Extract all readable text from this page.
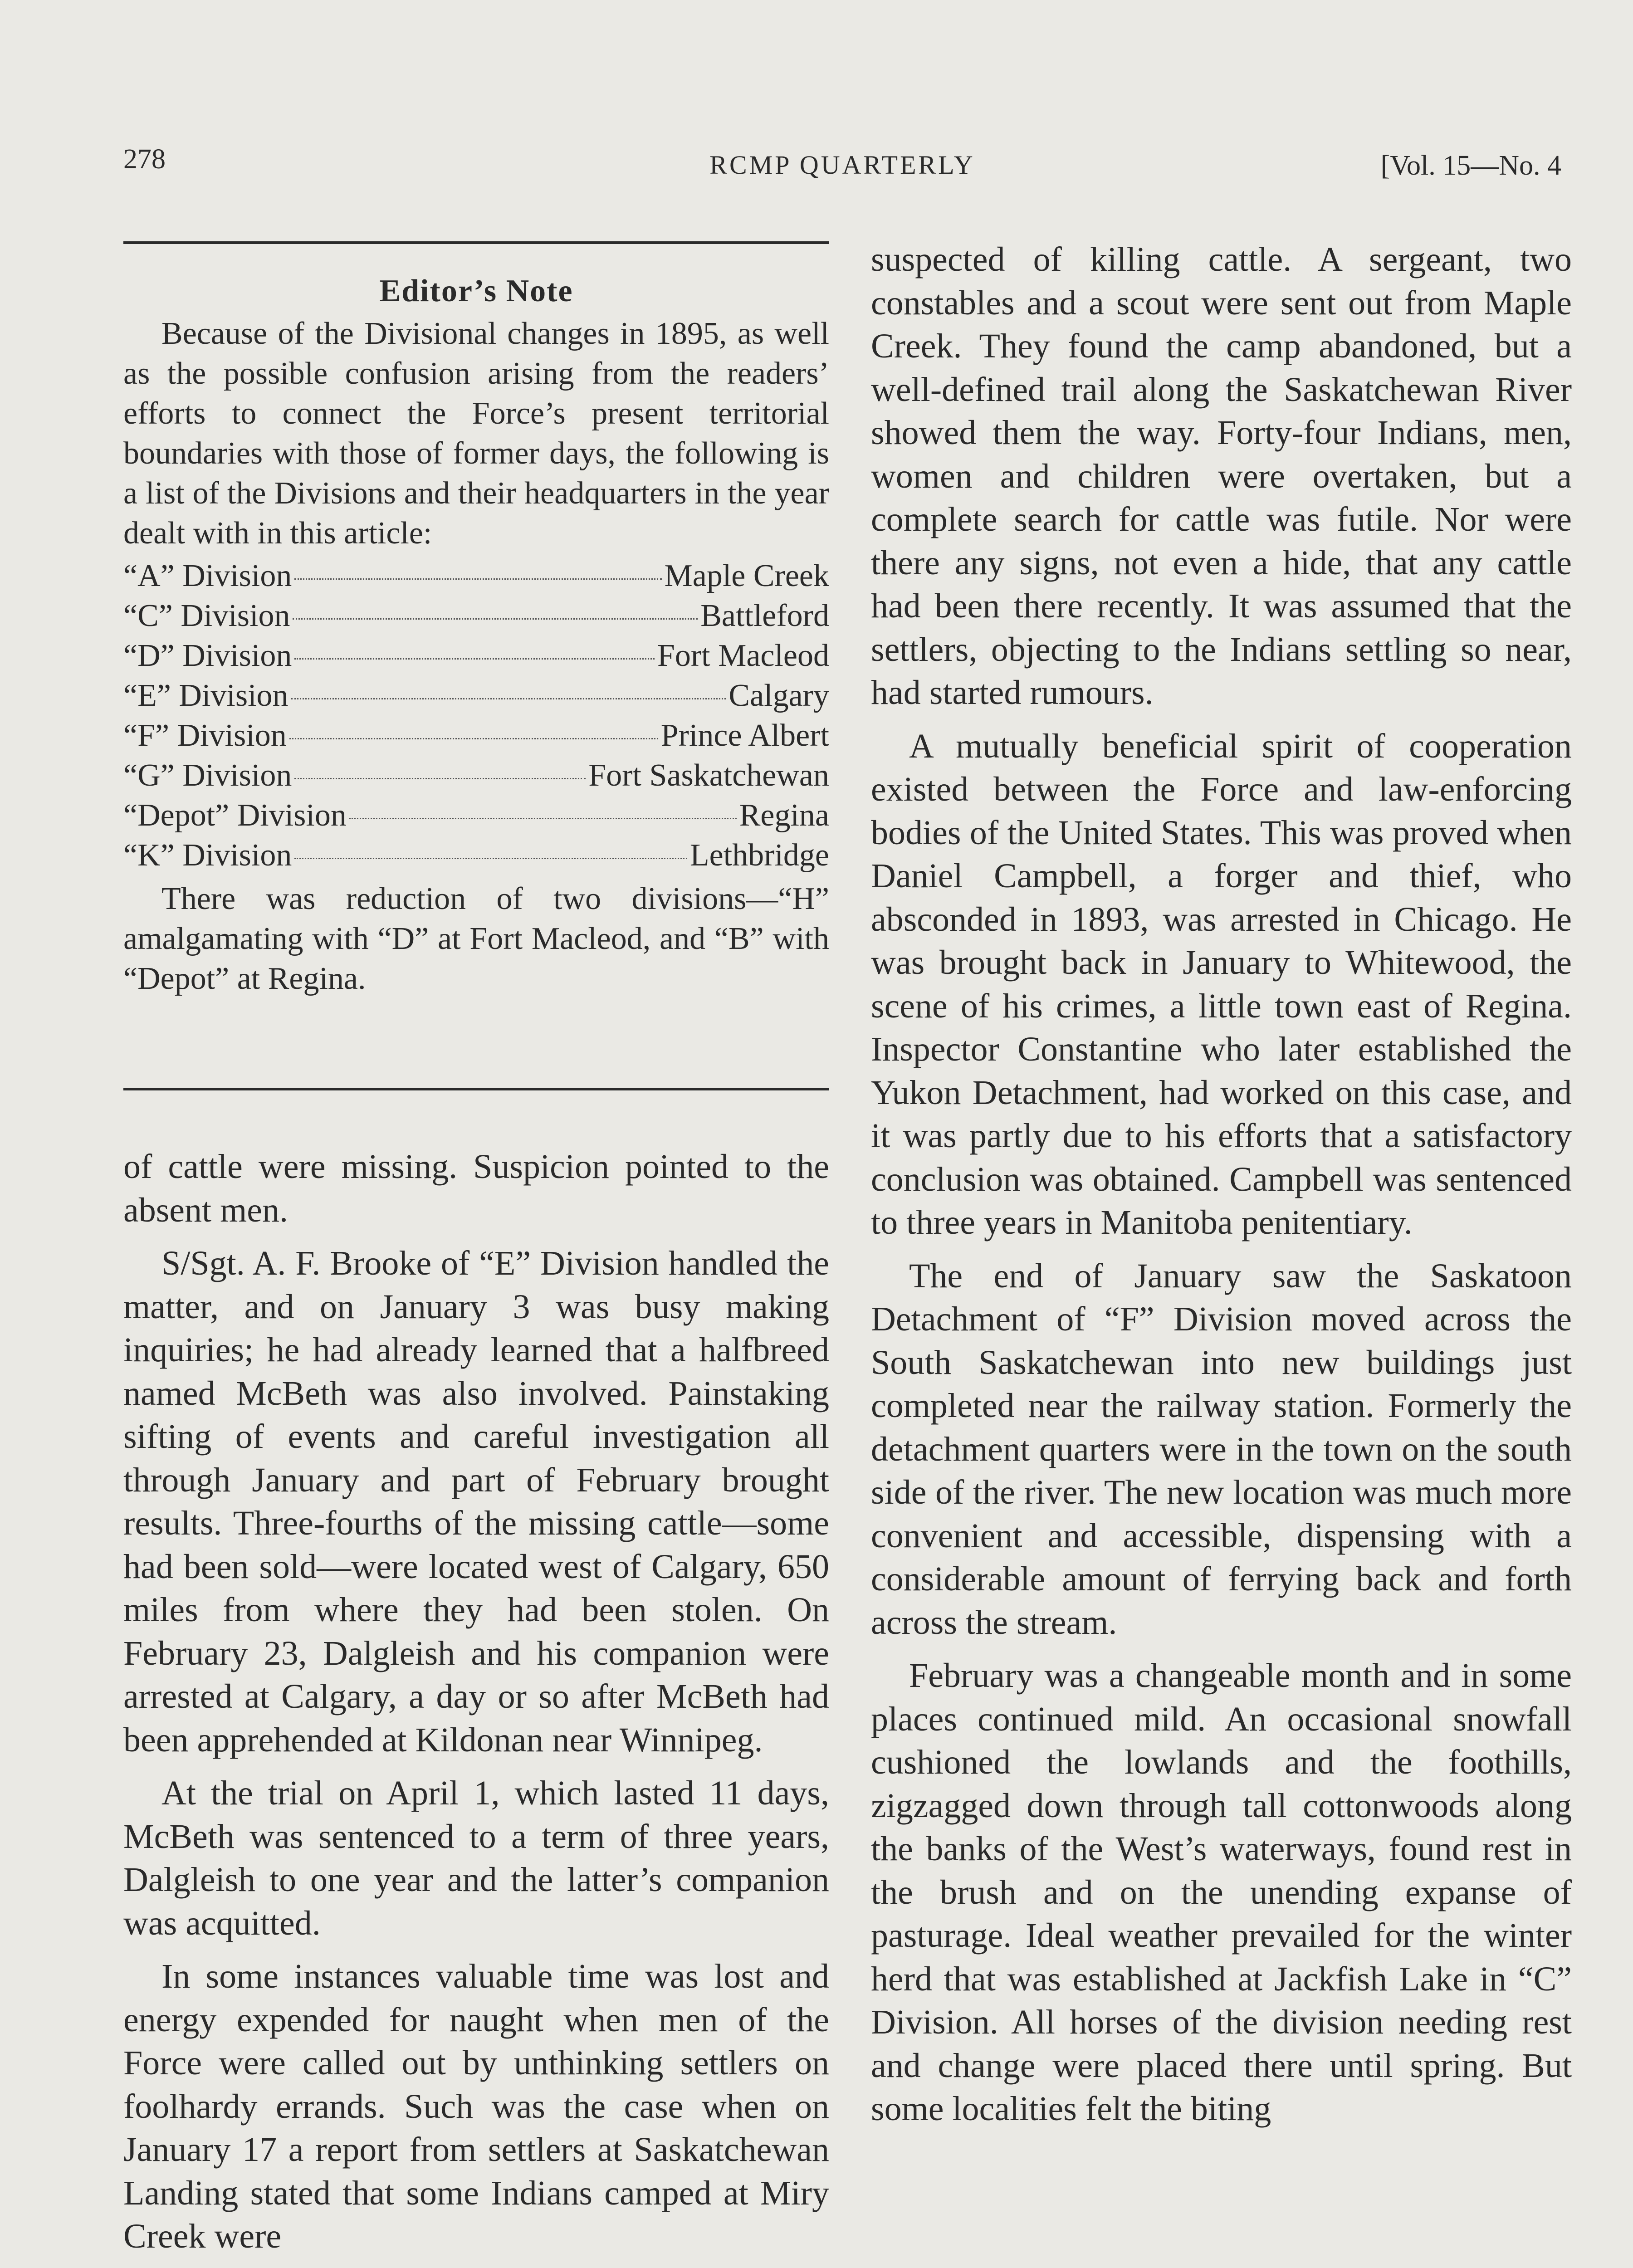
278	RCMP QUARTERLY	[Vol. 15—No. 4
Editor’s Note
Because of the Divisional changes in 1895, as well as the possible confusion arising from the readers’ efforts to connect the Force’s present territorial boundaries with those of former days, the following is a list of the Divisions and their headquarters in the year dealt with in this article:
“A” Division	Maple Creek
“C” Division	Battleford
“D” Division	Fort Macleod
“E” Division	Calgary
“F” Division	Prince Albert
“G” Division	Fort Saskatchewan
“Depot” Division	Regina
“K” Division	Lethbridge
There was reduction of two divisions—“H” amalgamating with “D” at Fort Macleod, and “B” with “Depot” at Regina.

of cattle were missing. Suspicion pointed to the absent men.

S/Sgt. A. F. Brooke of “E” Division handled the matter, and on January 3 was busy making inquiries; he had already learned that a halfbreed named McBeth was also involved. Painstaking sifting of events and careful investigation all through January and part of February brought results. Three-fourths of the missing cattle—some had been sold—were located west of Calgary, 650 miles from where they had been stolen. On February 23, Dalgleish and his companion were arrested at Calgary, a day or so after McBeth had been apprehended at Kildonan near Winnipeg.

At the trial on April 1, which lasted 11 days, McBeth was sentenced to a term of three years, Dalgleish to one year and the latter’s companion was acquitted.

In some instances valuable time was lost and energy expended for naught when men of the Force were called out by unthinking settlers on foolhardy errands. Such was the case when on January 17 a report from settlers at Saskatchewan Landing stated that some Indians camped at Miry Creek were

suspected of killing cattle. A sergeant, two constables and a scout were sent out from Maple Creek. They found the camp abandoned, but a well-defined trail along the Saskatchewan River showed them the way. Forty-four Indians, men, women and children were overtaken, but a complete search for cattle was futile. Nor were there any signs, not even a hide, that any cattle had been there recently. It was assumed that the settlers, objecting to the Indians settling so near, had started rumours.

A mutually beneficial spirit of cooperation existed between the Force and law-enforcing bodies of the United States. This was proved when Daniel Campbell, a forger and thief, who absconded in 1893, was arrested in Chicago. He was brought back in January to Whitewood, the scene of his crimes, a little town east of Regina. Inspector Constantine who later established the Yukon Detachment, had worked on this case, and it was partly due to his efforts that a satisfactory conclusion was obtained. Campbell was sentenced to three years in Manitoba penitentiary.

The end of January saw the Saskatoon Detachment of “F” Division moved across the South Saskatchewan into new buildings just completed near the railway station. Formerly the detachment quarters were in the town on the south side of the river. The new location was much more convenient and accessible, dispensing with a considerable amount of ferrying back and forth across the stream.

February was a changeable month and in some places continued mild. An occasional snowfall cushioned the lowlands and the foothills, zigzagged down through tall cottonwoods along the banks of the West’s waterways, found rest in the brush and on the unending expanse of pasturage. Ideal weather prevailed for the winter herd that was established at Jackfish Lake in “C” Division. All horses of the division needing rest and change were placed there until spring. But some localities felt the biting
